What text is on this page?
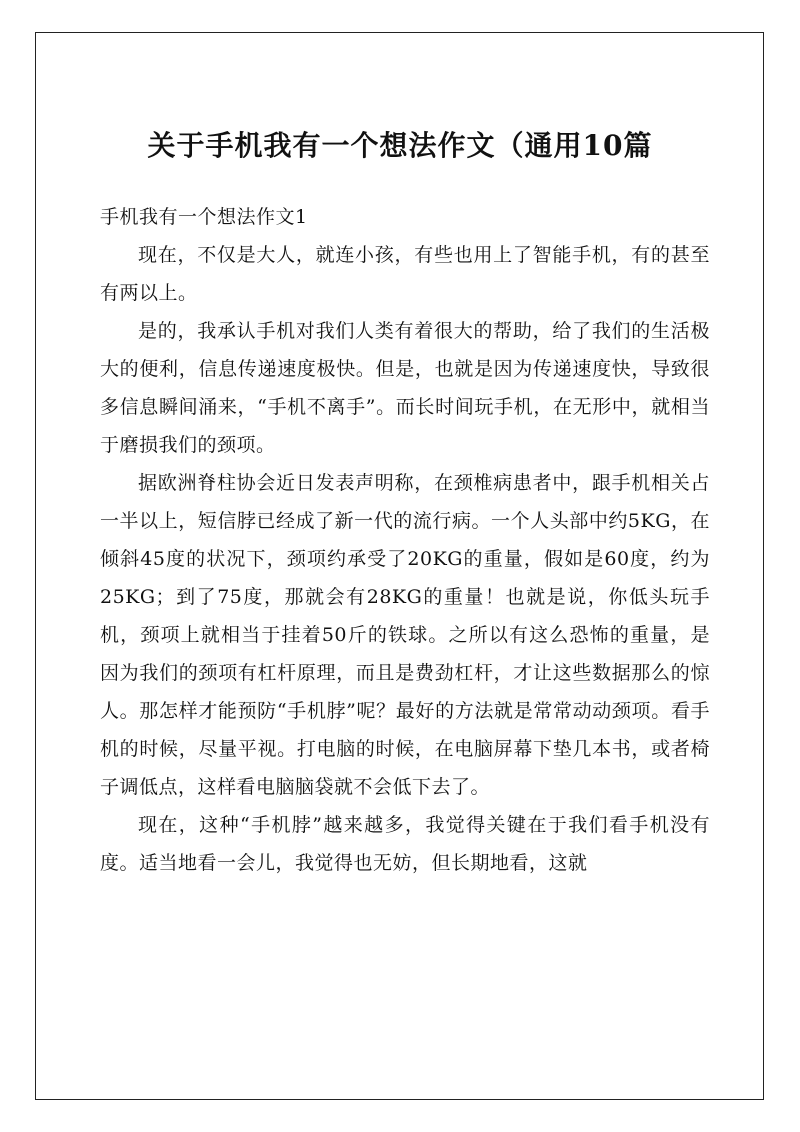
关于手机我有一个想法作文（通用10篇

手机我有一个想法作文1

现在，不仅是大人，就连小孩，有些也用上了智能手机，有的甚至有两以上。

是的，我承认手机对我们人类有着很大的帮助，给了我们的生活极大的便利，信息传递速度极快。但是，也就是因为传递速度快，导致很多信息瞬间涌来，“手机不离手”。而长时间玩手机，在无形中，就相当于磨损我们的颈项。

据欧洲脊柱协会近日发表声明称，在颈椎病患者中，跟手机相关占一半以上，短信脖已经成了新一代的流行病。一个人头部中约5KG，在倾斜45度的状况下，颈项约承受了20KG的重量，假如是60度，约为25KG；到了75度，那就会有28KG的重量！也就是说，你低头玩手机，颈项上就相当于挂着50斤的铁球。之所以有这么恐怖的重量，是因为我们的颈项有杠杆原理，而且是费劲杠杆，才让这些数据那么的惊人。那怎样才能预防“手机脖”呢？最好的方法就是常常动动颈项。看手机的时候，尽量平视。打电脑的时候，在电脑屏幕下垫几本书，或者椅子调低点，这样看电脑脑袋就不会低下去了。

现在，这种“手机脖”越来越多，我觉得关键在于我们看手机没有度。适当地看一会儿，我觉得也无妨，但长期地看，这就
